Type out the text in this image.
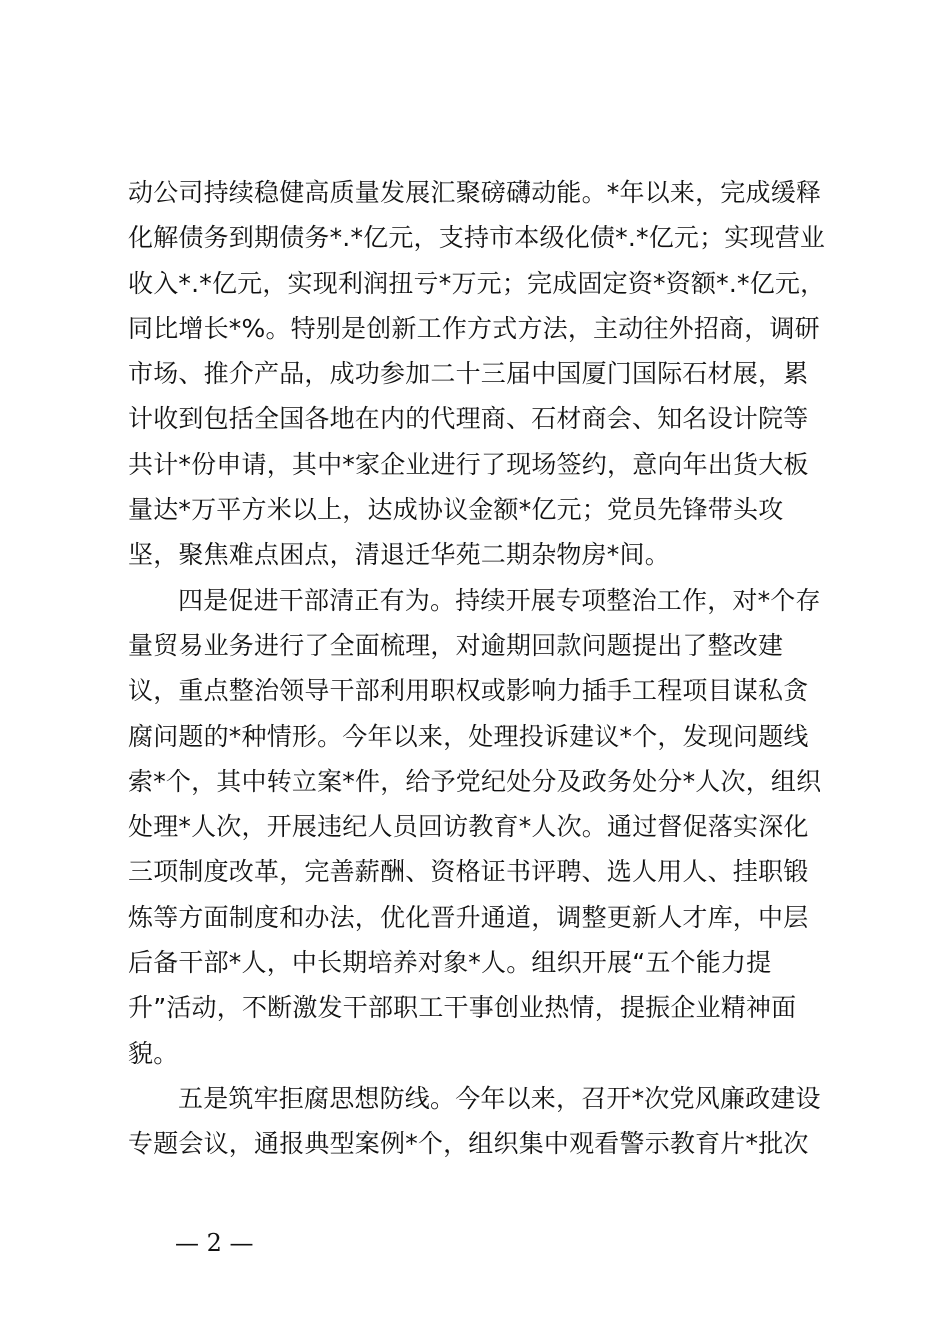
动公司持续稳健高质量发展汇聚磅礴动能。*年以来，完成缓释
化解债务到期债务*.*亿元，支持市本级化债*.*亿元；实现营业
收入*.*亿元，实现利润扭亏*万元；完成固定资*资额*.*亿元，
同比增长*%。特别是创新工作方式方法，主动往外招商，调研
市场、推介产品，成功参加二十三届中国厦门国际石材展，累
计收到包括全国各地在内的代理商、石材商会、知名设计院等
共计*份申请，其中*家企业进行了现场签约，意向年出货大板
量达*万平方米以上，达成协议金额*亿元；党员先锋带头攻
坚，聚焦难点困点，清退迁华苑二期杂物房*间。
四是促进干部清正有为。持续开展专项整治工作，对*个存
量贸易业务进行了全面梳理，对逾期回款问题提出了整改建
议，重点整治领导干部利用职权或影响力插手工程项目谋私贪
腐问题的*种情形。今年以来，处理投诉建议*个，发现问题线
索*个，其中转立案*件，给予党纪处分及政务处分*人次，组织
处理*人次，开展违纪人员回访教育*人次。通过督促落实深化
三项制度改革，完善薪酬、资格证书评聘、选人用人、挂职锻
炼等方面制度和办法，优化晋升通道，调整更新人才库，中层
后备干部*人，中长期培养对象*人。组织开展“五个能力提
升”活动，不断激发干部职工干事创业热情，提振企业精神面
貌。
五是筑牢拒腐思想防线。今年以来，召开*次党风廉政建设
专题会议，通报典型案例*个，组织集中观看警示教育片*批次
— 2 —
